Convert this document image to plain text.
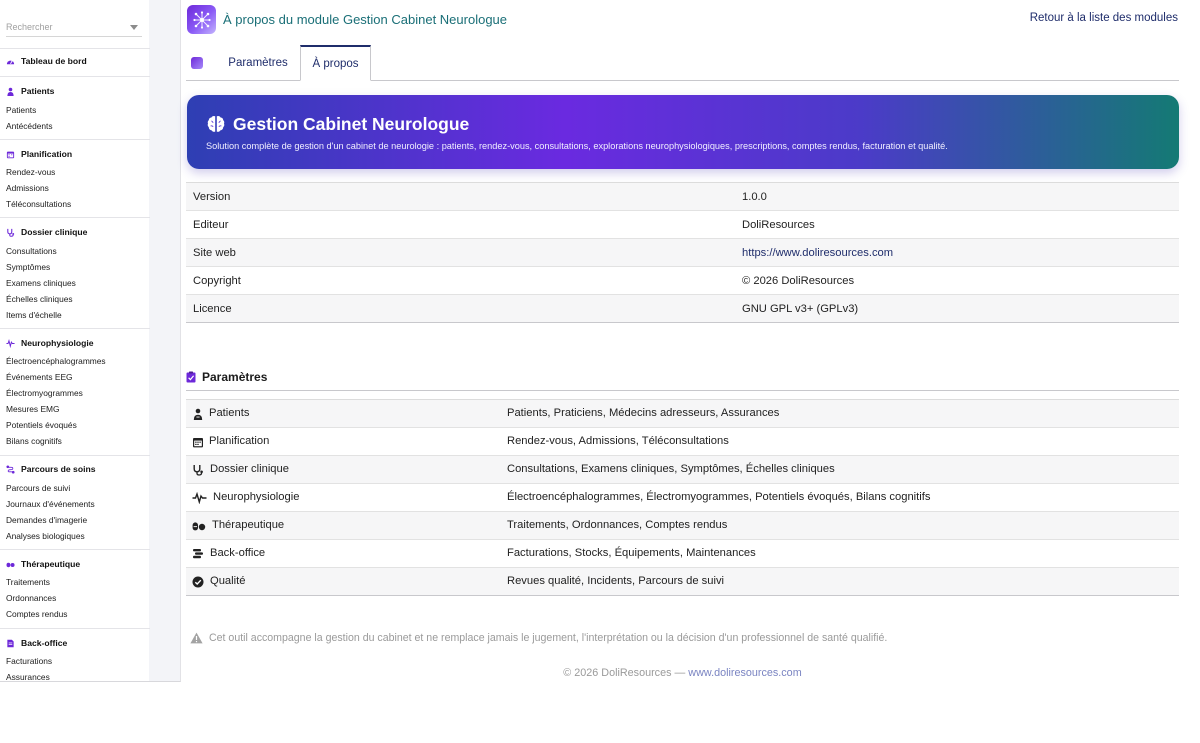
Rechercher
Tableau de bord
Patients
Patients
Antécédents
Planification
Rendez-vous
Admissions
Téléconsultations
Dossier clinique
Consultations
Symptômes
Examens cliniques
Échelles cliniques
Items d'échelle
Neurophysiologie
Électroencéphalogrammes
Événements EEG
Électromyogrammes
Mesures EMG
Potentiels évoqués
Bilans cognitifs
Parcours de soins
Parcours de suivi
Journaux d'événements
Demandes d'imagerie
Analyses biologiques
Thérapeutique
Traitements
Ordonnances
Comptes rendus
Back-office
Facturations
Assurances
À propos du module Gestion Cabinet Neurologue	Retour à la liste des modules
Paramètres	À propos
Gestion Cabinet Neurologue
Solution complète de gestion d'un cabinet de neurologie : patients, rendez-vous, consultations, explorations neurophysiologiques, prescriptions, comptes rendus, facturation et qualité.
Version	1.0.0
Editeur	DoliResources
Site web	https://www.doliresources.com
Copyright	© 2026 DoliResources
Licence	GNU GPL v3+ (GPLv3)
Paramètres
Patients	Patients, Praticiens, Médecins adresseurs, Assurances
Planification	Rendez-vous, Admissions, Téléconsultations
Dossier clinique	Consultations, Examens cliniques, Symptômes, Échelles cliniques
Neurophysiologie	Électroencéphalogrammes, Électromyogrammes, Potentiels évoqués, Bilans cognitifs
Thérapeutique	Traitements, Ordonnances, Comptes rendus
Back-office	Facturations, Stocks, Équipements, Maintenances
Qualité	Revues qualité, Incidents, Parcours de suivi
Cet outil accompagne la gestion du cabinet et ne remplace jamais le jugement, l'interprétation ou la décision d'un professionnel de santé qualifié.
© 2026 DoliResources — www.doliresources.com
